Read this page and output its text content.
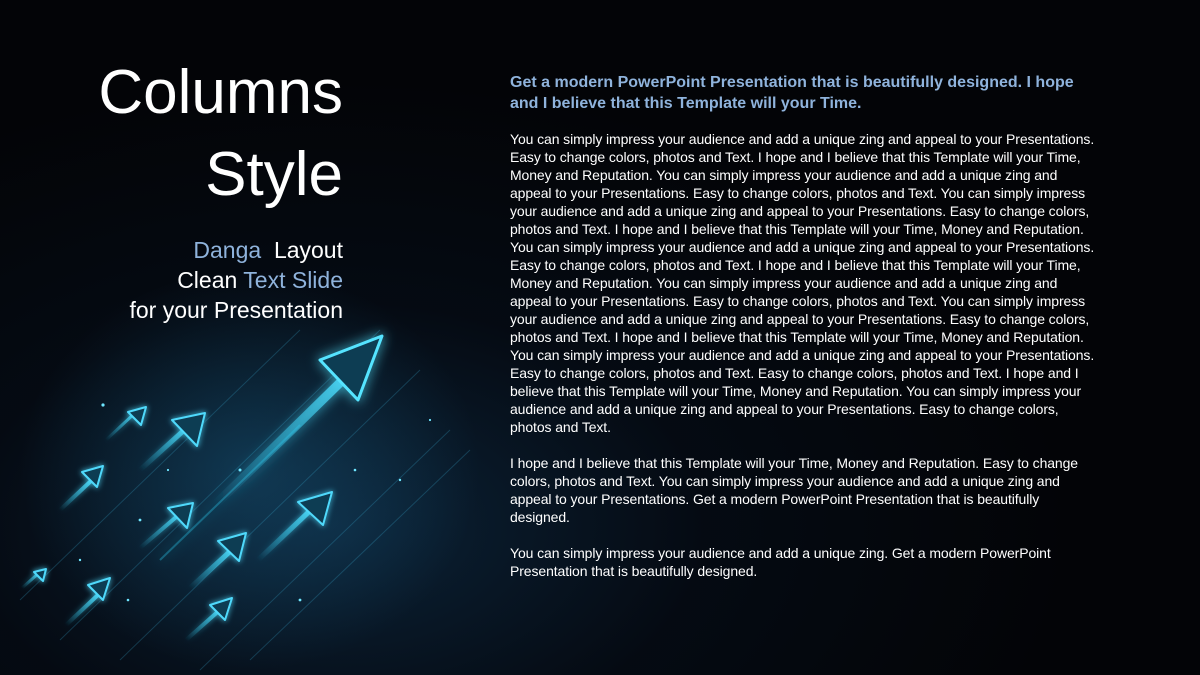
Columns
Style
Danga Layout
Clean Text Slide
for your Presentation

Get a modern PowerPoint Presentation that is beautifully designed. I hope and I believe that this Template will your Time.

You can simply impress your audience and add a unique zing and appeal to your Presentations. Easy to change colors, photos and Text. I hope and I believe that this Template will your Time, Money and Reputation. You can simply impress your audience and add a unique zing and appeal to your Presentations. Easy to change colors, photos and Text. You can simply impress your audience and add a unique zing and appeal to your Presentations. Easy to change colors, photos and Text. I hope and I believe that this Template will your Time, Money and Reputation. You can simply impress your audience and add a unique zing and appeal to your Presentations. Easy to change colors, photos and Text. I hope and I believe that this Template will your Time, Money and Reputation. You can simply impress your audience and add a unique zing and appeal to your Presentations. Easy to change colors, photos and Text. You can simply impress your audience and add a unique zing and appeal to your Presentations. Easy to change colors, photos and Text. I hope and I believe that this Template will your Time, Money and Reputation. You can simply impress your audience and add a unique zing and appeal to your Presentations. Easy to change colors, photos and Text. Easy to change colors, photos and Text. I hope and I believe that this Template will your Time, Money and Reputation. You can simply impress your audience and add a unique zing and appeal to your Presentations. Easy to change colors, photos and Text.

I hope and I believe that this Template will your Time, Money and Reputation. Easy to change colors, photos and Text. You can simply impress your audience and add a unique zing and appeal to your Presentations. Get a modern PowerPoint Presentation that is beautifully designed.

You can simply impress your audience and add a unique zing. Get a modern PowerPoint Presentation that is beautifully designed.
